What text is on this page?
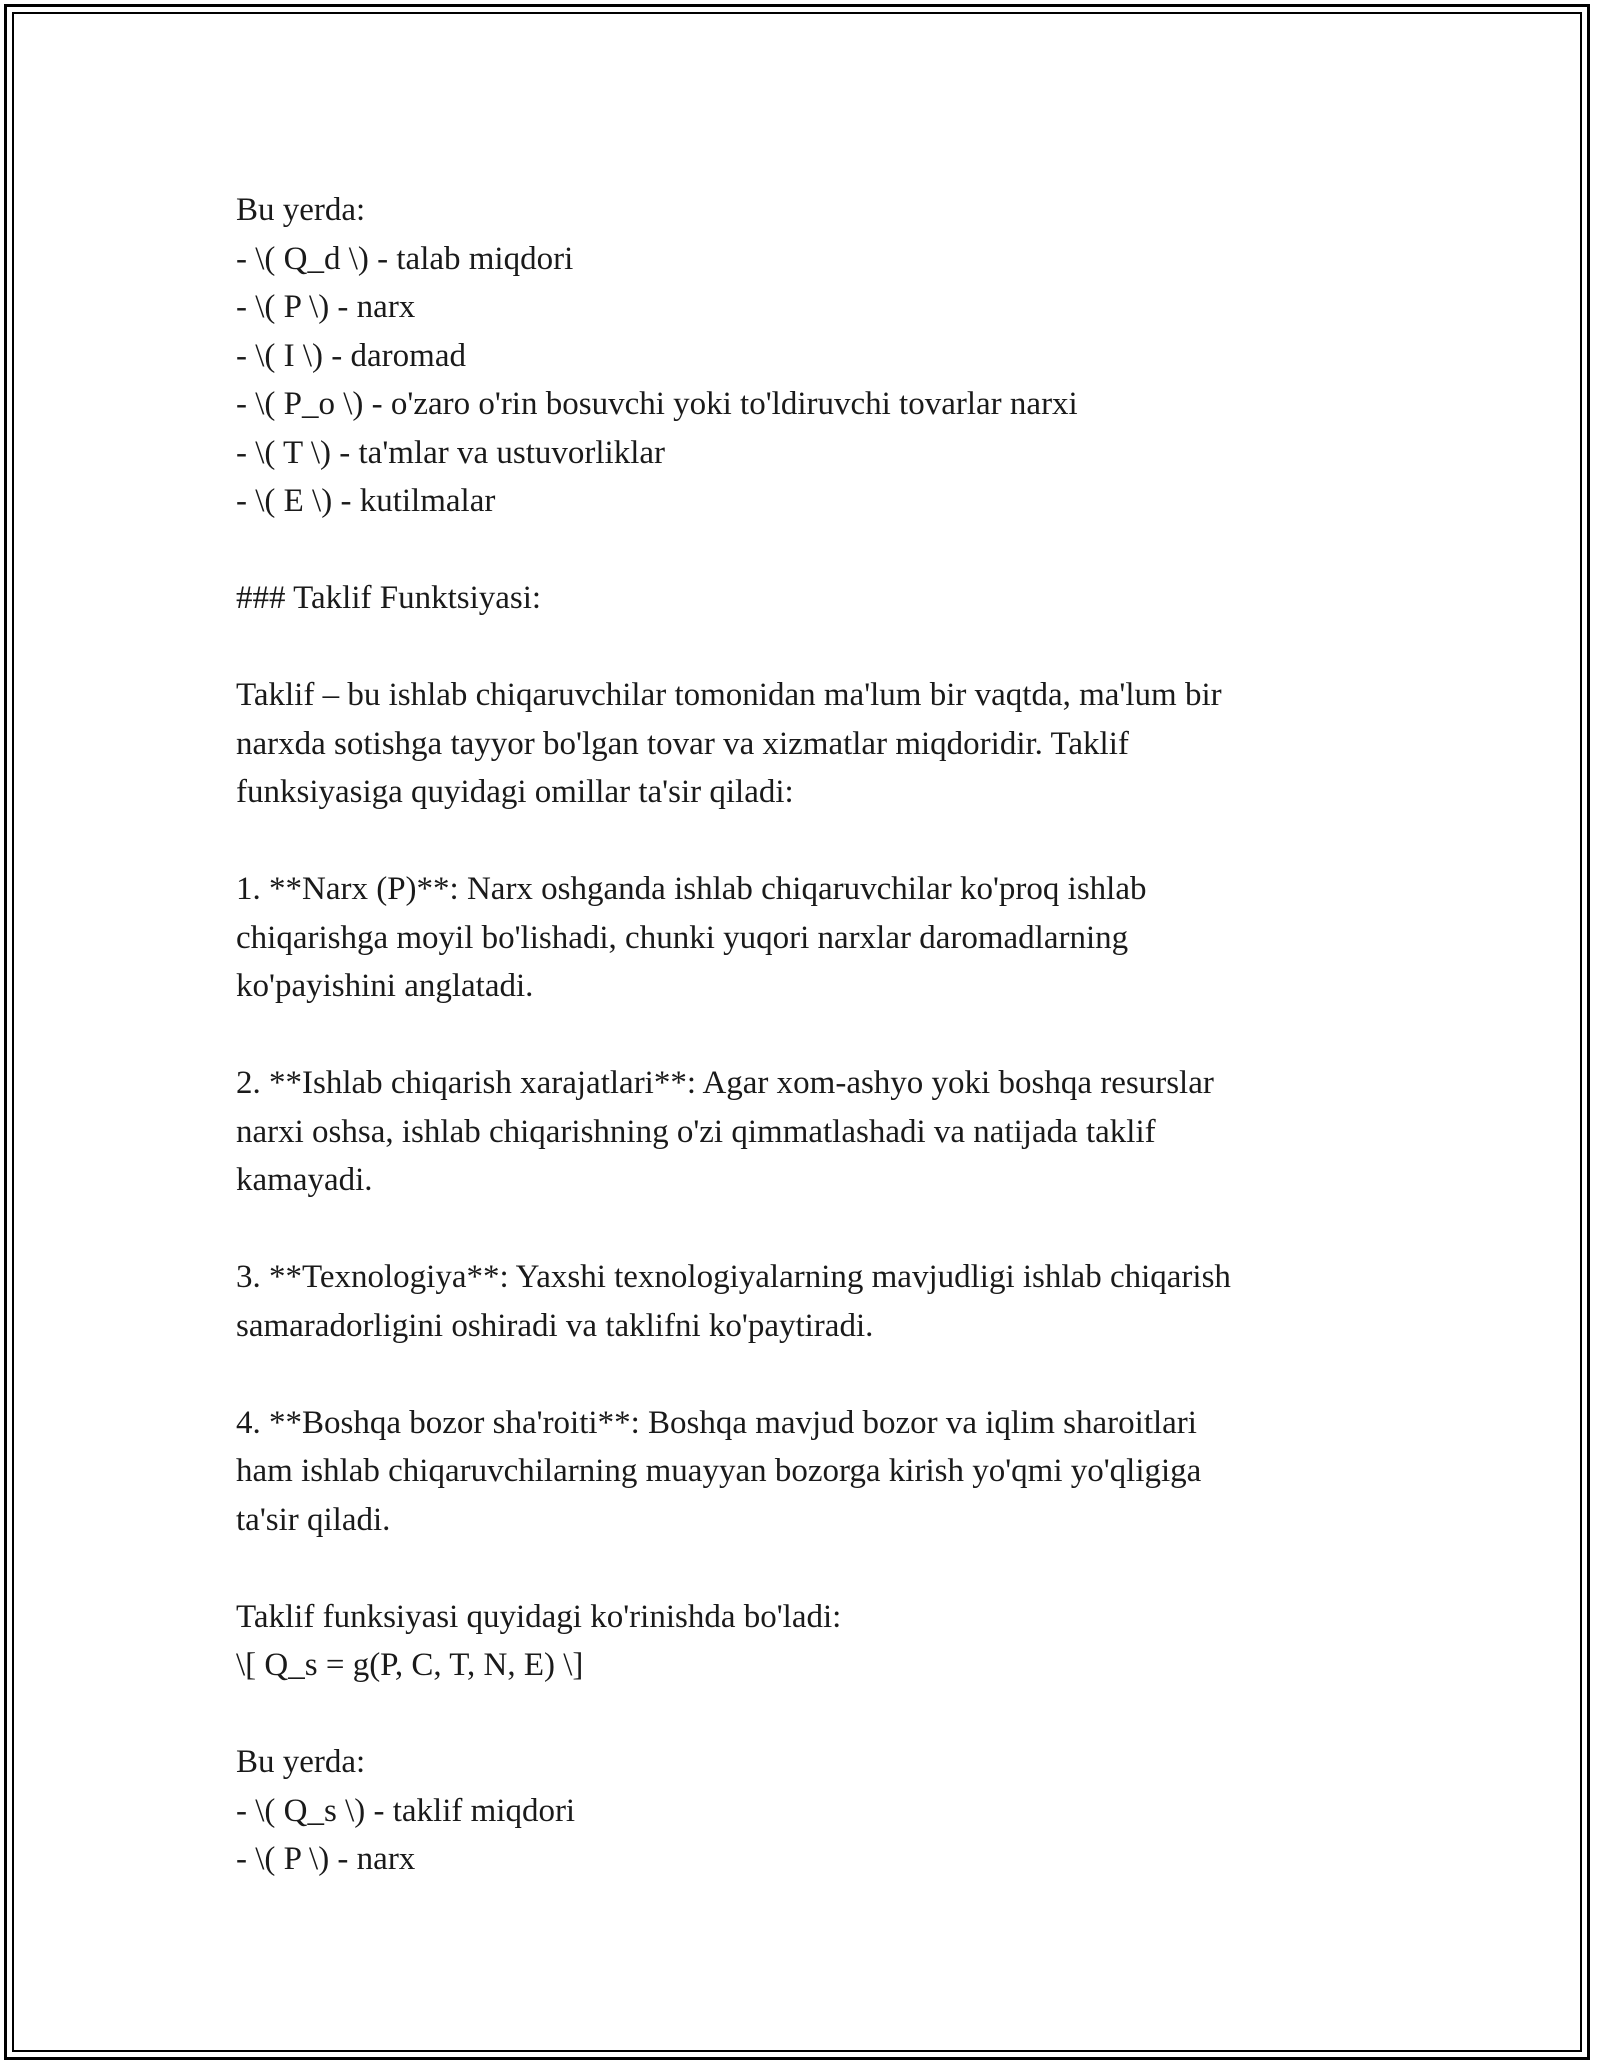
Bu yerda:
- \( Q_d \) - talab miqdori
- \( P \) - narx
- \( I \) - daromad
- \( P_o \) - o'zaro o'rin bosuvchi yoki to'ldiruvchi tovarlar narxi
- \( T \) - ta'mlar va ustuvorliklar
- \( E \) - kutilmalar
### Taklif Funktsiyasi:
Taklif – bu ishlab chiqaruvchilar tomonidan ma'lum bir vaqtda, ma'lum bir
narxda sotishga tayyor bo'lgan tovar va xizmatlar miqdoridir. Taklif
funksiyasiga quyidagi omillar ta'sir qiladi:
1. **Narx (P)**: Narx oshganda ishlab chiqaruvchilar ko'proq ishlab
chiqarishga moyil bo'lishadi, chunki yuqori narxlar daromadlarning
ko'payishini anglatadi.
2. **Ishlab chiqarish xarajatlari**: Agar xom-ashyo yoki boshqa resurslar
narxi oshsa, ishlab chiqarishning o'zi qimmatlashadi va natijada taklif
kamayadi.
3. **Texnologiya**: Yaxshi texnologiyalarning mavjudligi ishlab chiqarish
samaradorligini oshiradi va taklifni ko'paytiradi.
4. **Boshqa bozor sha'roiti**: Boshqa mavjud bozor va iqlim sharoitlari
ham ishlab chiqaruvchilarning muayyan bozorga kirish yo'qmi yo'qligiga
ta'sir qiladi.
Taklif funksiyasi quyidagi ko'rinishda bo'ladi:
\[ Q_s = g(P, C, T, N, E) \]
Bu yerda:
- \( Q_s \) - taklif miqdori
- \( P \) - narx
